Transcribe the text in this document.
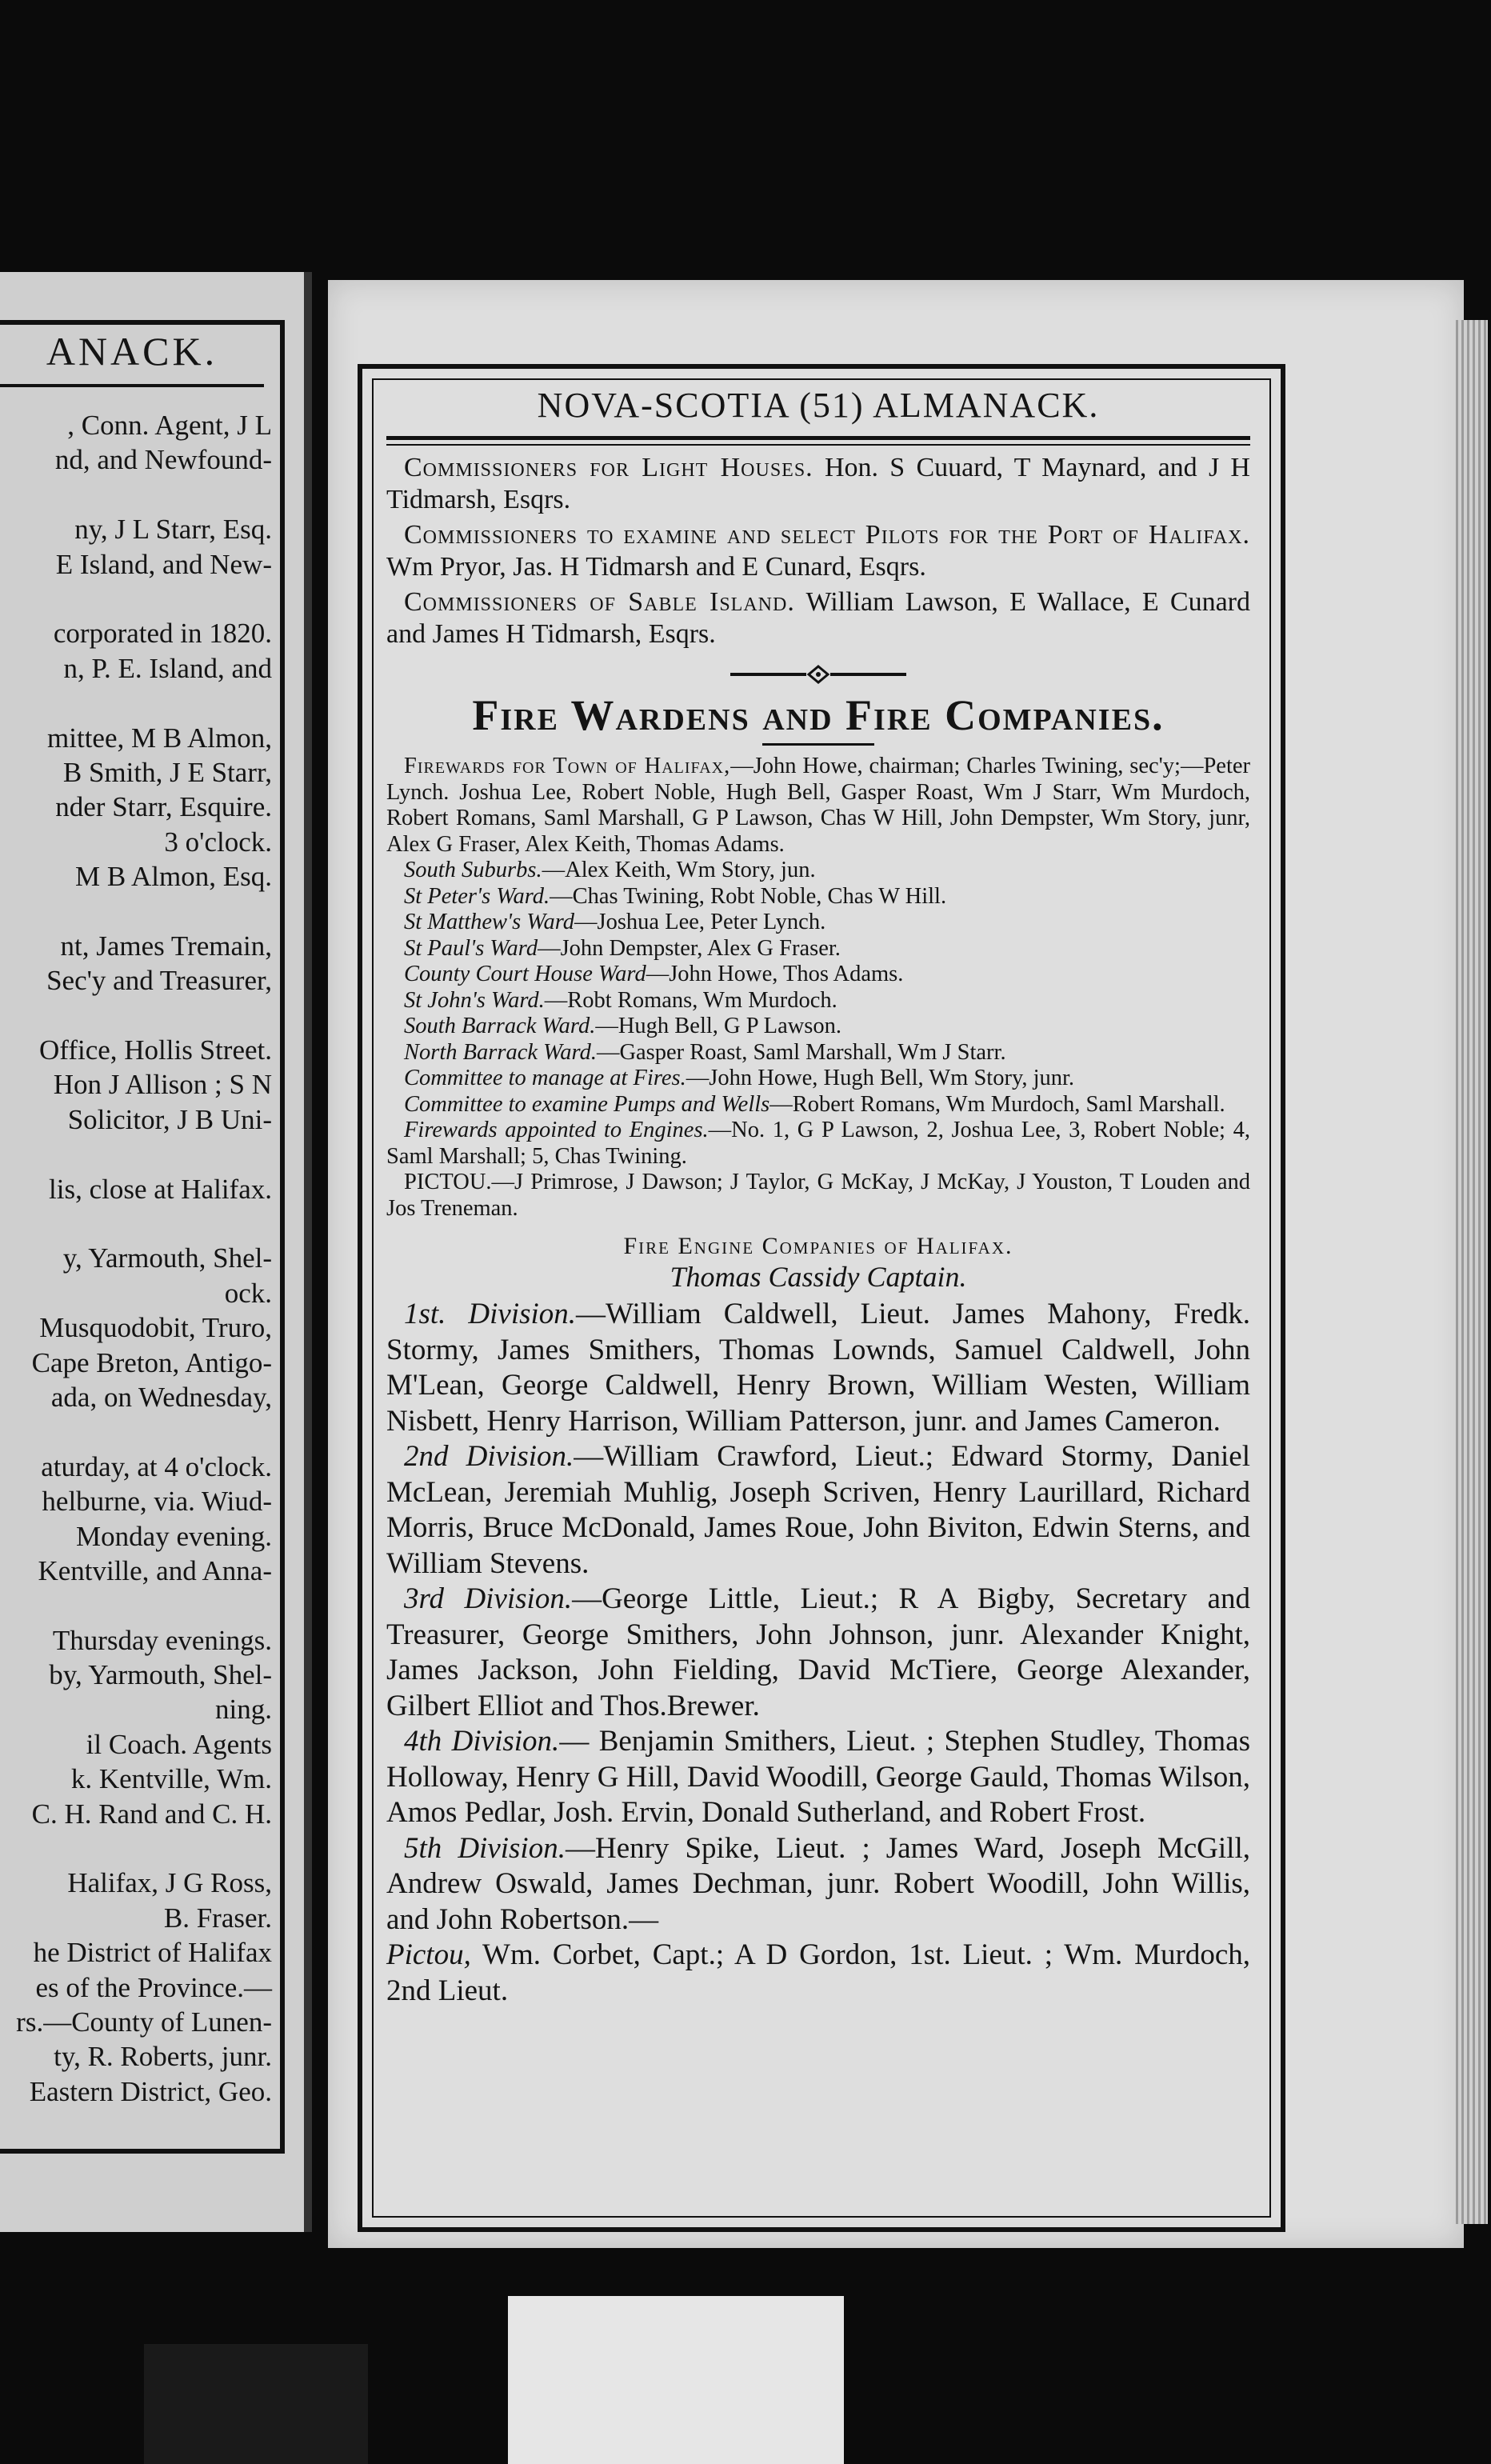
ANACK.
, Conn. Agent, J L
nd, and Newfound-
ny, J L Starr, Esq.
E Island, and New-
corporated in 1820.
n, P. E. Island, and
mittee, M B Almon,
B Smith, J E Starr,
nder Starr, Esquire.
3 o'clock.
M B Almon, Esq.
nt, James Tremain,
Sec'y and Treasurer,
Office, Hollis Street.
Hon J Allison ; S N
Solicitor, J B Uni-
lis, close at Halifax.
y, Yarmouth, Shel-
ock.
Musquodobit, Truro,
Cape Breton, Antigo-
ada, on Wednesday,
aturday, at 4 o'clock.
helburne, via. Wiud-
Monday evening.
Kentville, and Anna-
Thursday evenings.
by, Yarmouth, Shel-
ning.
il Coach. Agents
k. Kentville, Wm.
C. H. Rand and C. H.
Halifax, J G Ross,
B. Fraser.
he District of Halifax
es of the Province.—
rs.—County of Lunen-
ty, R. Roberts, junr.
Eastern District, Geo.

NOVA-SCOTIA (51) ALMANACK.

Commissioners for Light Houses. Hon. S Cuuard, T Maynard, and J H Tidmarsh, Esqrs.

Commissioners to examine and select Pilots for the Port of Halifax. Wm Pryor, Jas. H Tidmarsh and E Cunard, Esqrs.

Commissioners of Sable Island. William Lawson, E Wallace, E Cunard and James H Tidmarsh, Esqrs.

Fire Wardens and Fire Companies.

Firewards for Town of Halifax,—John Howe, chairman; Charles Twining, sec'y;—Peter Lynch. Joshua Lee, Robert Noble, Hugh Bell, Gasper Roast, Wm J Starr, Wm Murdoch, Robert Romans, Saml Marshall, G P Lawson, Chas W Hill, John Dempster, Wm Story, junr, Alex G Fraser, Alex Keith, Thomas Adams.

South Suburbs.—Alex Keith, Wm Story, jun.

St Peter's Ward.—Chas Twining, Robt Noble, Chas W Hill.

St Matthew's Ward—Joshua Lee, Peter Lynch.

St Paul's Ward—John Dempster, Alex G Fraser.

County Court House Ward—John Howe, Thos Adams.

St John's Ward.—Robt Romans, Wm Murdoch.

South Barrack Ward.—Hugh Bell, G P Lawson.

North Barrack Ward.—Gasper Roast, Saml Marshall, Wm J Starr.

Committee to manage at Fires.—John Howe, Hugh Bell, Wm Story, junr.

Committee to examine Pumps and Wells—Robert Romans, Wm Murdoch, Saml Marshall.

Firewards appointed to Engines.—No. 1, G P Lawson, 2, Joshua Lee, 3, Robert Noble; 4, Saml Marshall; 5, Chas Twining.

PICTOU.—J Primrose, J Dawson; J Taylor, G McKay, J McKay, J Youston, T Louden and Jos Treneman.

Fire Engine Companies of Halifax.

Thomas Cassidy Captain.

1st. Division.—William Caldwell, Lieut. James Mahony, Fredk. Stormy, James Smithers, Thomas Lownds, Samuel Caldwell, John M'Lean, George Caldwell, Henry Brown, William Westen, William Nisbett, Henry Harrison, William Patterson, junr. and James Cameron.

2nd Division.—William Crawford, Lieut.; Edward Stormy, Daniel McLean, Jeremiah Muhlig, Joseph Scriven, Henry Laurillard, Richard Morris, Bruce McDonald, James Roue, John Biviton, Edwin Sterns, and William Stevens.

3rd Division.—George Little, Lieut.; R A Bigby, Secretary and Treasurer, George Smithers, John Johnson, junr. Alexander Knight, James Jackson, John Fielding, David McTiere, George Alexander, Gilbert Elliot and Thos.Brewer.

4th Division.— Benjamin Smithers, Lieut. ; Stephen Studley, Thomas Holloway, Henry G Hill, David Woodill, George Gauld, Thomas Wilson, Amos Pedlar, Josh. Ervin, Donald Sutherland, and Robert Frost.

5th Division.—Henry Spike, Lieut. ; James Ward, Joseph McGill, Andrew Oswald, James Dechman, junr. Robert Woodill, John Willis, and John Robertson.—

Pictou, Wm. Corbet, Capt.; A D Gordon, 1st. Lieut. ; Wm. Murdoch, 2nd Lieut.
